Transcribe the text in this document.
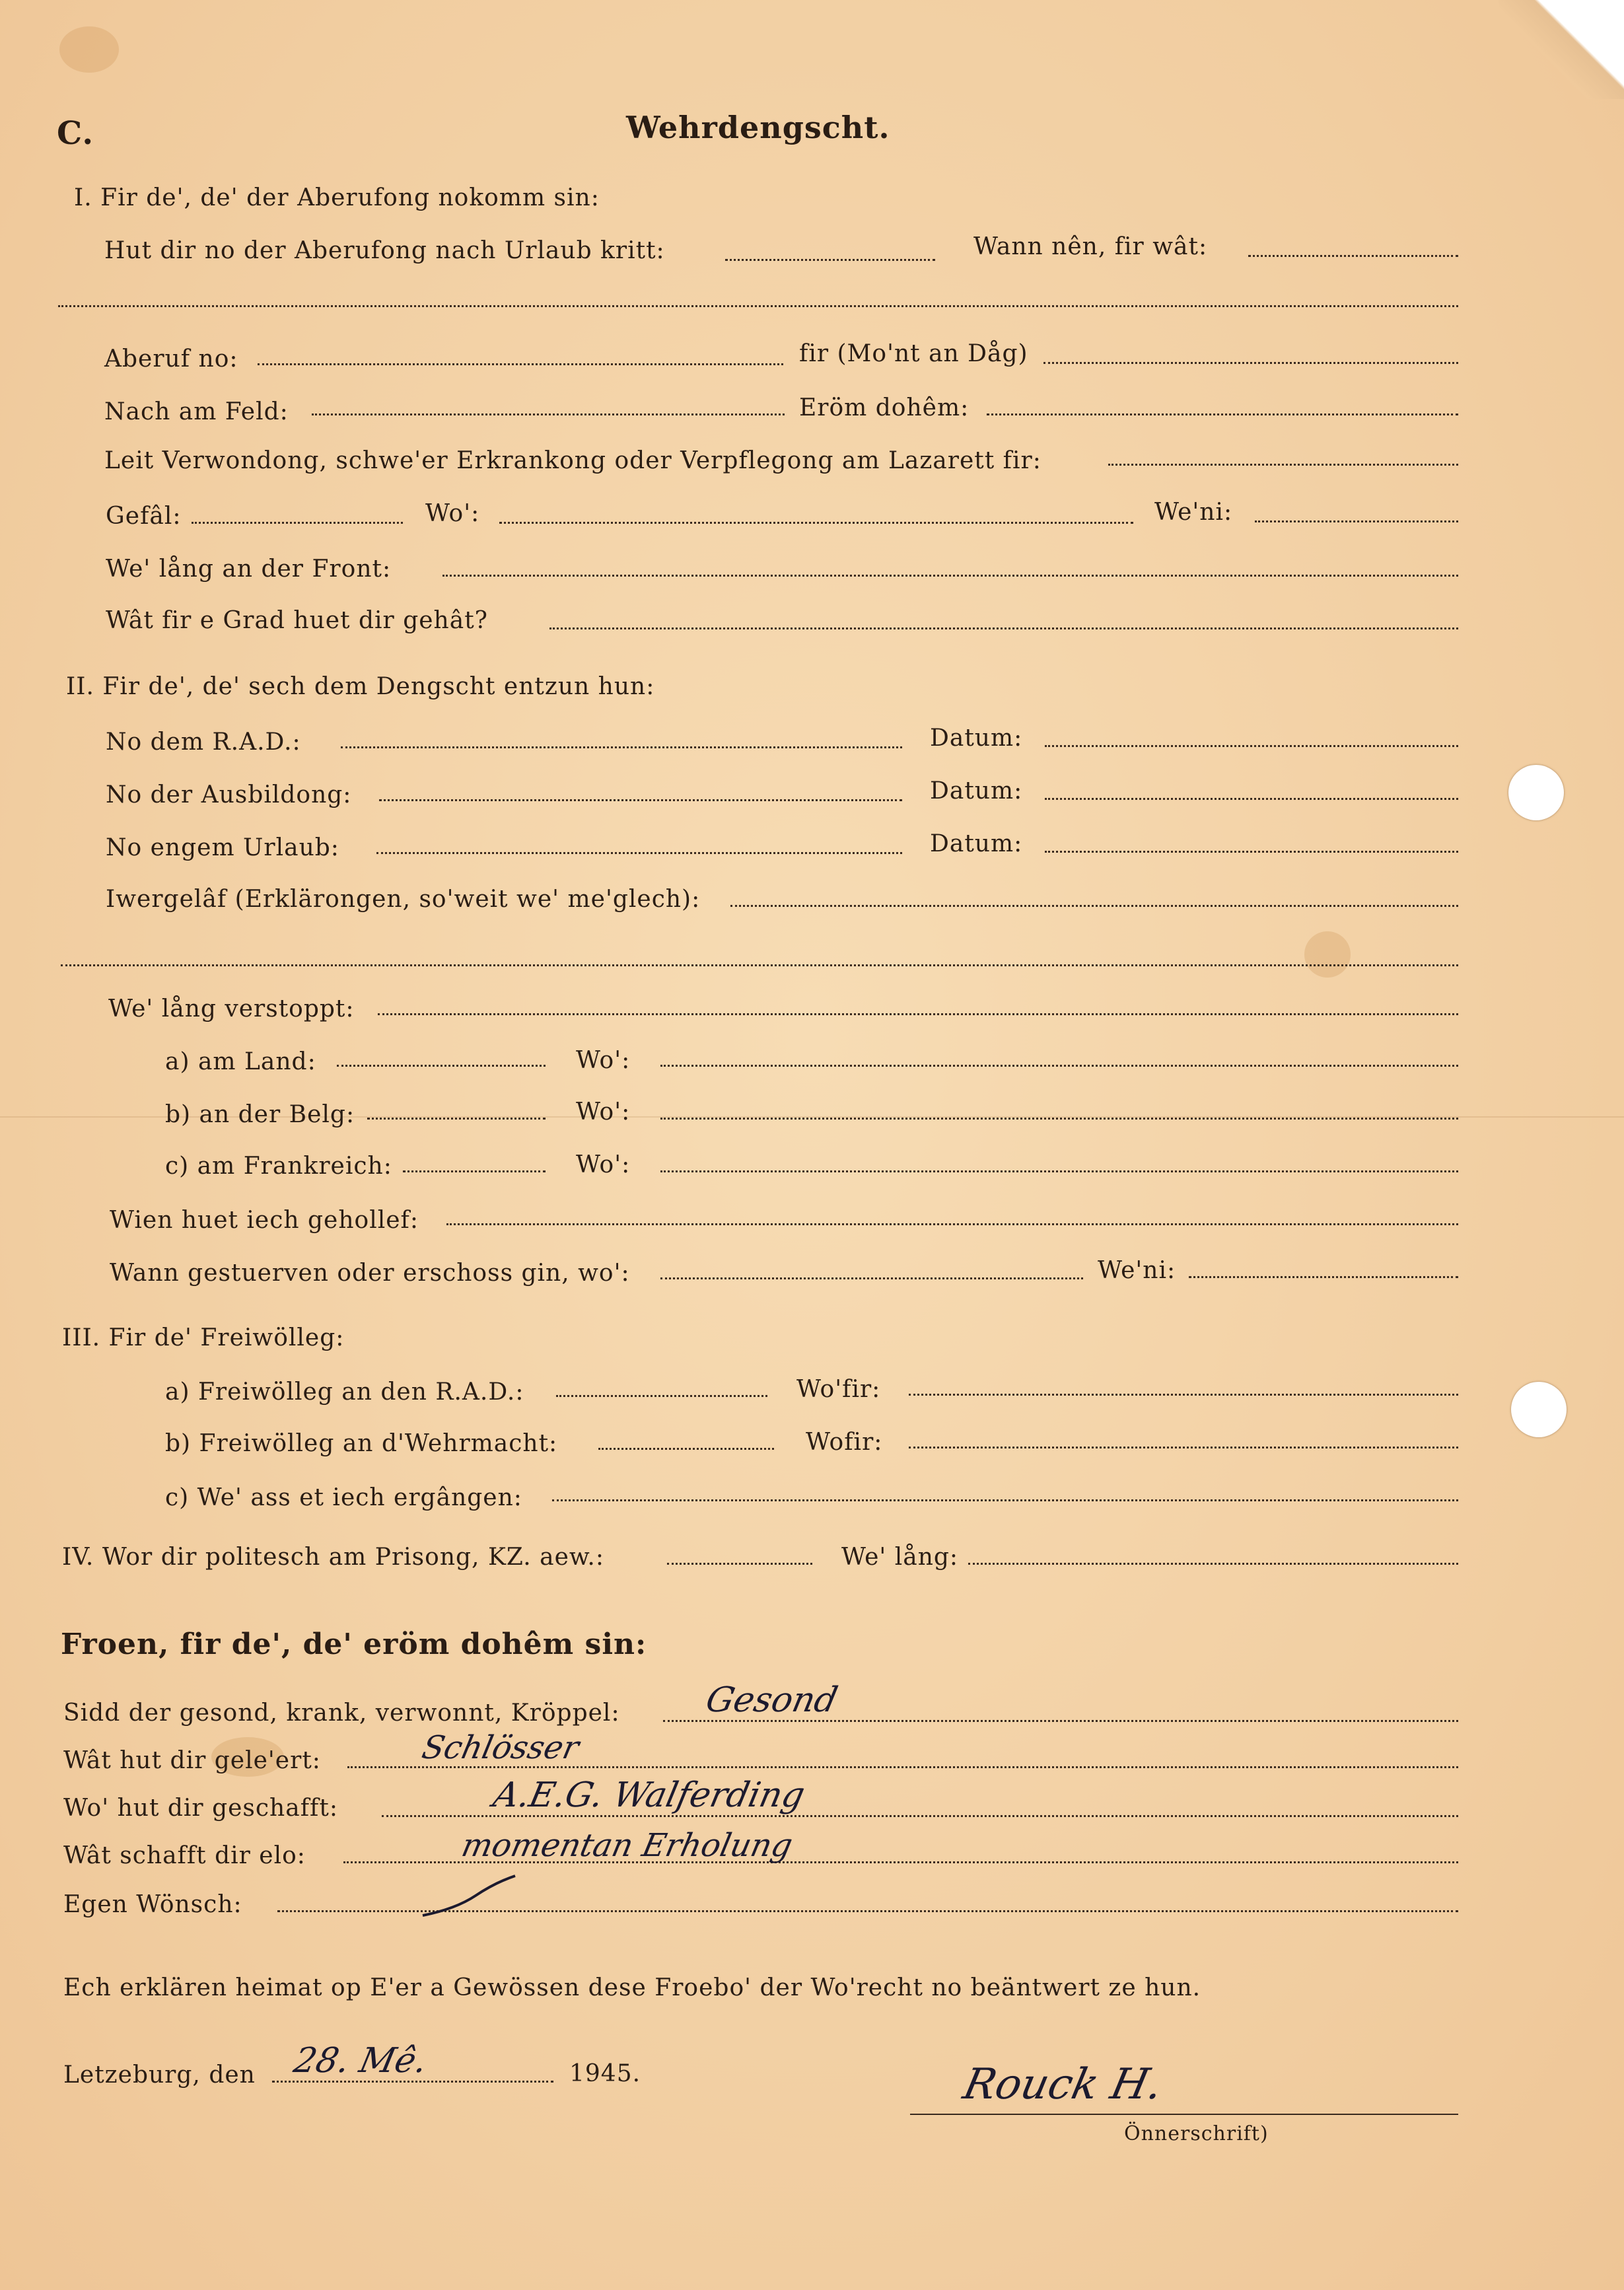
C.	Wehrdengscht.
I. Fir de', de' der Aberufong nokomm sin:
Hut dir no der Aberufong nach Urlaub kritt:	Wann nên, fir wât:
Aberuf no:	fir (Mo'nt an Dåg)
Nach am Feld:	Eröm dohêm:
Leit Verwondong, schwe'er Erkrankong oder Verpflegong am Lazarett fir:
Gefâl:	Wo':	We'ni:
We' lång an der Front:
Wât fir e Grad huet dir gehât?
II. Fir de', de' sech dem Dengscht entzun hun:
No dem R.A.D.:	Datum:
No der Ausbildong:	Datum:
No engem Urlaub:	Datum:
Iwergelâf (Erklärongen, so'weit we' me'glech):
We' lång verstoppt:
a) am Land:	Wo':
b) an der Belg:	Wo':
c) am Frankreich:	Wo':
Wien huet iech gehollef:
Wann gestuerven oder erschoss gin, wo':	We'ni:
III. Fir de' Freiwölleg:
a) Freiwölleg an den R.A.D.:	Wo'fir:
b) Freiwölleg an d'Wehrmacht:	Wofir:
c) We' ass et iech ergângen:
IV. Wor dir politesch am Prisong, KZ. aew.:	We' lång:
Froen, fir de', de' eröm dohêm sin:
Sidd der gesond, krank, verwonnt, Kröppel: Gesond
Wât hut dir gele'ert:	Schlösser
Wo' hut dir geschafft:	A.E.G. Walferding
Wât schafft dir elo:	momentan Erholung
Egen Wönsch:
Ech erklären heimat op E'er a Gewössen dese Froebo' der Wo'recht no beäntwert ze hun.
Letzeburg, den 28. Mê.	1945.	Rouck H.
Önnerschrift)
